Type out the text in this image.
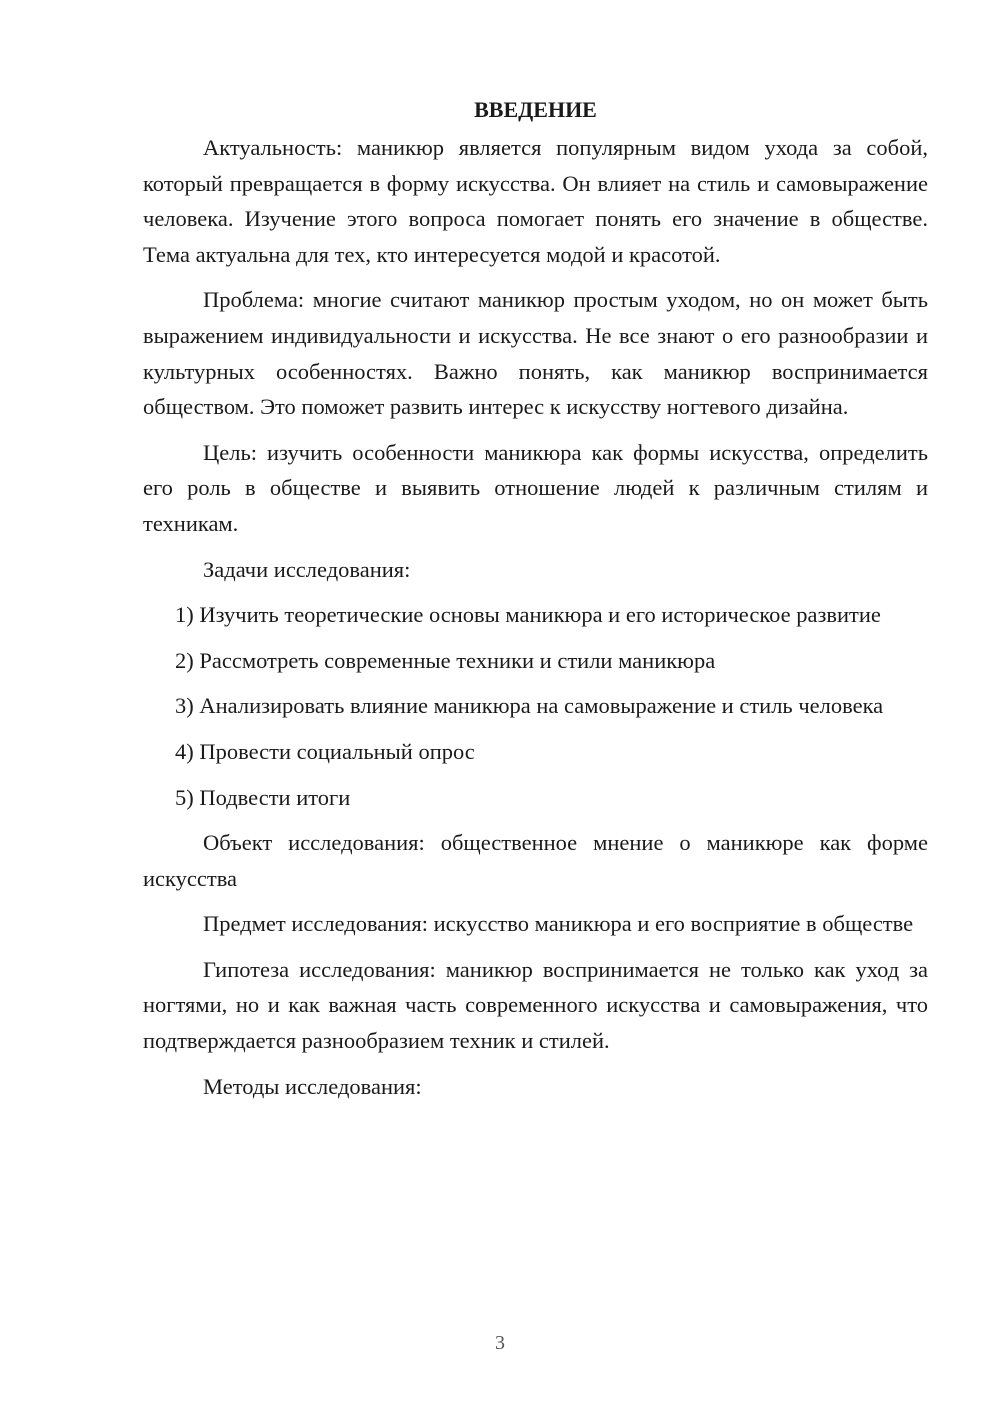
ВВЕДЕНИЕ

Актуальность: маникюр является популярным видом ухода за собой, который превращается в форму искусства. Он влияет на стиль и самовыражение человека. Изучение этого вопроса помогает понять его значение в обществе. Тема актуальна для тех, кто интересуется модой и красотой.

Проблема: многие считают маникюр простым уходом, но он может быть выражением индивидуальности и искусства. Не все знают о его разнообразии и культурных особенностях. Важно понять, как маникюр воспринимается обществом. Это поможет развить интерес к искусству ногтевого дизайна.

Цель: изучить особенности маникюра как формы искусства, определить его роль в обществе и выявить отношение людей к различным стилям и техникам.

Задачи исследования:

1) Изучить теоретические основы маникюра и его историческое развитие

2) Рассмотреть современные техники и стили маникюра

3) Анализировать влияние маникюра на самовыражение и стиль человека

4) Провести социальный опрос

5) Подвести итоги

Объект исследования: общественное мнение о маникюре как форме искусства

Предмет исследования: искусство маникюра и его восприятие в обществе

Гипотеза исследования: маникюр воспринимается не только как уход за ногтями, но и как важная часть современного искусства и самовыражения, что подтверждается разнообразием техник и стилей.

Методы исследования:

3
